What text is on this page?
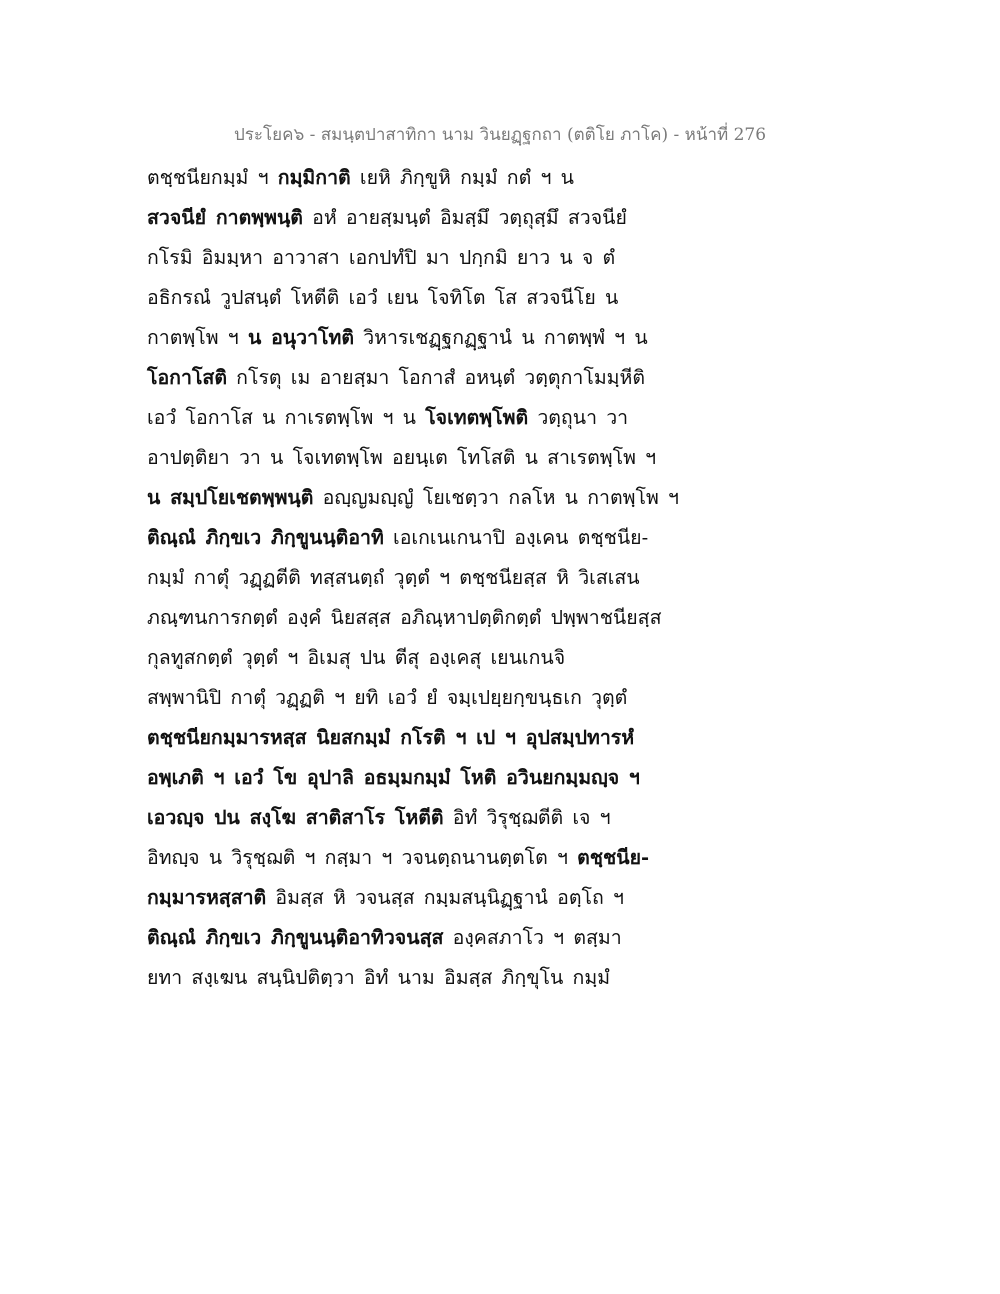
ประโยค๖ - สมนฺตปาสาทิกา นาม วินยฏฺฐกถา (ตติโย ภาโค) - หน้าที่ 276
ตชฺชนียกมฺมํ ฯ กมฺมิกาติ เยหิ ภิกฺขูหิ กมฺมํ กตํ ฯ น
สวจนียํ กาตพฺพนฺติ อหํ อายสฺมนฺตํ อิมสฺมึ วตฺถุสฺมึ สวจนียํ
กโรมิ อิมมฺหา อาวาสา เอกปทํปิ มา ปกฺกมิ ยาว น จ ตํ
อธิกรณํ วูปสนฺตํ โหตีติ เอวํ เยน โจทิโต โส สวจนีโย น
กาตพฺโพ ฯ น อนุวาโทติ วิหารเชฏฺฐกฏฺฐานํ น กาตพฺพํ ฯ น
โอกาโสติ กโรตุ เม อายสฺมา โอกาสํ อหนฺตํ วตฺตุกาโมมฺหีติ
เอวํ โอกาโส น กาเรตพฺโพ ฯ น โจเทตพฺโพติ วตฺถุนา วา
อาปตฺติยา วา น โจเทตพฺโพ อยนฺเต โทโสติ น สาเรตพฺโพ ฯ
น สมฺปโยเชตพฺพนฺติ อญฺญมญฺญํ โยเชตฺวา กลโห น กาตพฺโพ ฯ
ติณฺณํ ภิกฺขเว ภิกฺขูนนฺติอาทิ เอเกเนเกนาปิ องฺเคน ตชฺชนีย-
กมฺมํ กาตุํ วฏฺฏตีติ ทสฺสนตฺถํ วุตฺตํ ฯ ตชฺชนียสฺส หิ วิเสเสน
ภณฺฑนการกตฺตํ องฺคํ นิยสสฺส อภิณฺหาปตฺติกตฺตํ ปพฺพาชนียสฺส
กุลทูสกตฺตํ วุตฺตํ ฯ อิเมสุ ปน ตีสุ องฺเคสุ เยนเกนจิ
สพฺพานิปิ กาตุํ วฏฺฏติ ฯ ยทิ เอวํ ยํ จมฺเปยฺยกฺขนฺธเก วุตฺตํ
ตชฺชนียกมฺมารหสฺส นิยสกมฺมํ กโรติ ฯ เป ฯ อุปสมฺปทารหํ
อพฺเภติ ฯ เอวํ โข อุปาลิ อธมฺมกมฺมํ โหติ อวินยกมฺมญฺจ ฯ
เอวญฺจ ปน สงฺโฆ สาติสาโร โหตีติ อิทํ วิรุชฺฌตีติ เจ ฯ
อิทญฺจ น วิรุชฺฌติ ฯ กสฺมา ฯ วจนตฺถนานตฺตโต ฯ ตชฺชนีย-
กมฺมารหสฺสาติ อิมสฺส หิ วจนสฺส กมฺมสนฺนิฏฺฐานํ อตฺโถ ฯ
ติณฺณํ ภิกฺขเว ภิกฺขูนนฺติอาทิวจนสฺส องฺคสภาโว ฯ ตสฺมา
ยทา สงฺเฆน สนฺนิปติตฺวา อิทํ นาม อิมสฺส ภิกฺขุโน กมฺมํ
